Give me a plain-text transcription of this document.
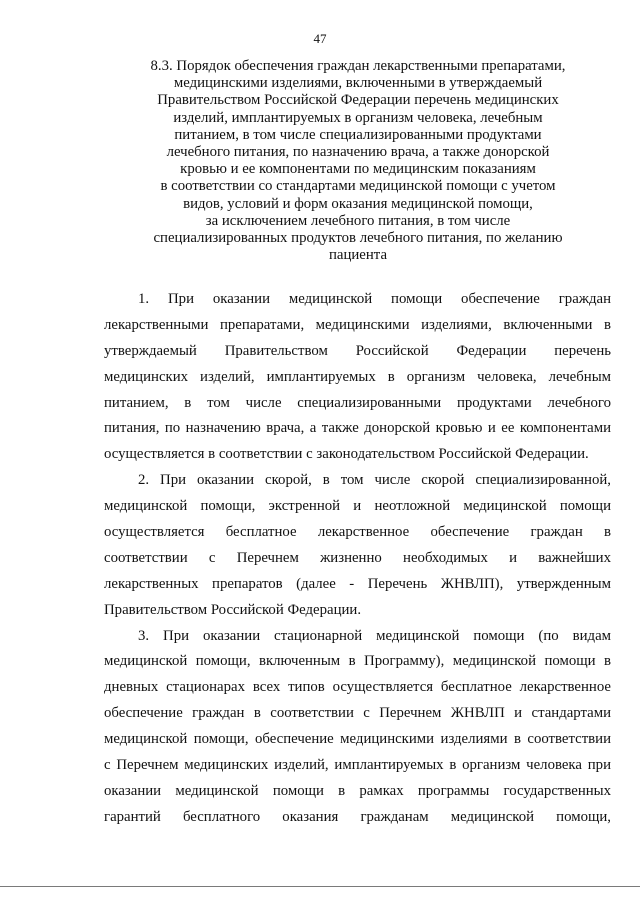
47
8.3. Порядок обеспечения граждан лекарственными препаратами,
медицинскими изделиями, включенными в утверждаемый
Правительством Российской Федерации перечень медицинских
изделий, имплантируемых в организм человека, лечебным
питанием, в том числе специализированными продуктами
лечебного питания, по назначению врача, а также донорской
кровью и ее компонентами по медицинским показаниям
в соответствии со стандартами медицинской помощи с учетом
видов, условий и форм оказания медицинской помощи,
за исключением лечебного питания, в том числе
специализированных продуктов лечебного питания, по желанию
пациента
1. При оказании медицинской помощи обеспечение граждан
лекарственными препаратами, медицинскими изделиями, включенными в
утверждаемый Правительством Российской Федерации перечень
медицинских изделий, имплантируемых в организм человека, лечебным
питанием, в том числе специализированными продуктами лечебного
питания, по назначению врача, а также донорской кровью и ее компонентами
осуществляется в соответствии с законодательством Российской Федерации.
2. При оказании скорой, в том числе скорой специализированной,
медицинской помощи, экстренной и неотложной медицинской помощи
осуществляется бесплатное лекарственное обеспечение граждан в
соответствии с Перечнем жизненно необходимых и важнейших
лекарственных препаратов (далее - Перечень ЖНВЛП), утвержденным
Правительством Российской Федерации.
3. При оказании стационарной медицинской помощи (по видам
медицинской помощи, включенным в Программу), медицинской помощи в
дневных стационарах всех типов осуществляется бесплатное лекарственное
обеспечение граждан в соответствии с Перечнем ЖНВЛП и стандартами
медицинской помощи, обеспечение медицинскими изделиями в соответствии
с Перечнем медицинских изделий, имплантируемых в организм человека при
оказании медицинской помощи в рамках программы государственных
гарантий бесплатного оказания гражданам медицинской помощи,
